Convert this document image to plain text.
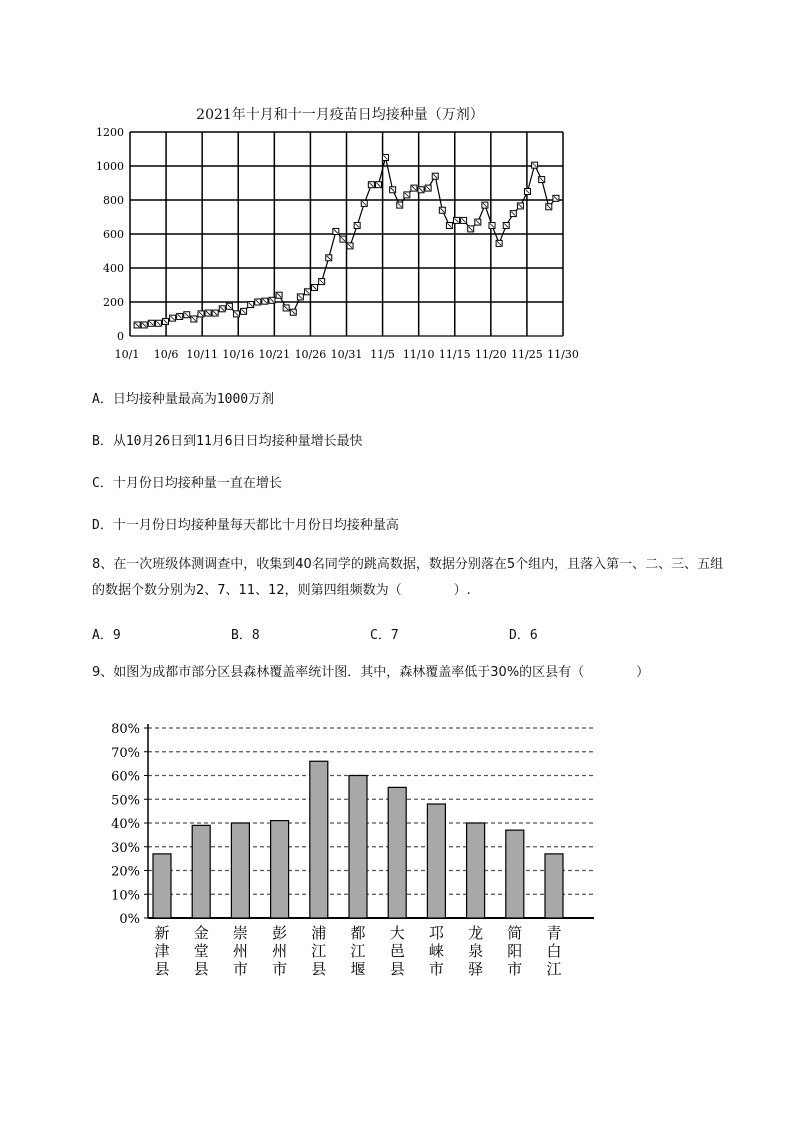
2021年十月和十一月疫苗日均接种量（万剂）
0
200
400
600
800
1000
1200
10/1 10/6 10/11 10/16 10/21 10/26 10/31 11/5 11/10 11/15 11/20 11/25 11/30
A．日均接种量最高为1000万剂
B．从10月26日到11月6日日均接种量增长最快
C．十月份日均接种量一直在增长
D．十一月份日均接种量每天都比十月份日均接种量高
8、在一次班级体测调查中，收集到40名同学的跳高数据，数据分别落在5个组内，且落入第一、二、三、五组的数据个数分别为2、7、11、12，则第四组频数为（　　　　）.
A．9	B．8	C．7	D．6
9、如图为成都市部分区县森林覆盖率统计图．其中，森林覆盖率低于30%的区县有（　　　　）
0%
10%
20%
30%
40%
50%
60%
70%
80%
新
津
县
金
堂
县
崇
州
市
彭
州
市
浦
江
县
都
江
堰
大
邑
县
邛
崃
市
龙
泉
驿
简
阳
市
青
白
江
